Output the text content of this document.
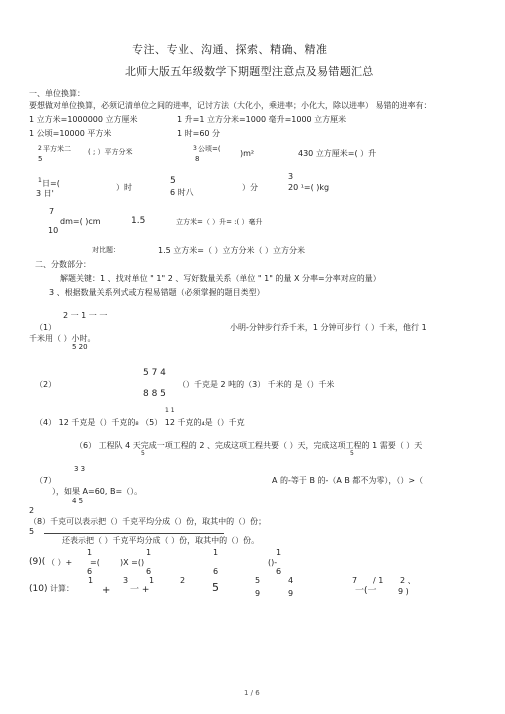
专注、专业、沟通、探索、精确、精准
北师大版五年级数学下期题型注意点及易错题汇总
一、单位换算：
要想做对单位换算，必须记清单位之间的进率，记讨方法（大化小，乘进率；小化大，除以进率） 易错的进率有：
1 立方米=1000000 立方厘米	1 升=1 立方分米=1000 毫升=1000 立方厘米
1 公顷=10000 平方米	1 时=60 分
2 平方米二
5
( ; ）平方分米	3 公顷=(
8
)m²	430 立方厘米=( ）升
1 日=(
3 日'
）时
5
6 时八
）分
3
20 ¹=( )kg
7
dm=( )cm
10
1.5	立方米=（ ）升= :( ）毫升
对比题：	1.5 立方米=（ ）立方分米（ ）立方分米
二、分数部分：
解题关键：1 、找对单位 " 1" 2 、写好数量关系（单位 " 1" 的量 X 分率=分率对应的量）
3 、根据数量关系列式或方程易错题（必须掌握的题目类型）
2 一 1 一 一
（1）	小明-分钟步行乔千米，1 分钟可步行（ ）千米，他行 1
千米用（ ）小时。
5 20
5 7 4
（2）	（）千克是 2 吨的（3） 千米的 是（）千米
8 8 5
1 1
（4） 12 千克是（）千克的₈ （5） 12 千克的₄是（）千克
（6） 工程队 4 天完成一项工程的 2 、完成这项工程共要（ ）天，完成这项工程的 1 需要（ ）天
5	5
3 3
（7）	A 的-等于 B 的-（A B 都不为零），（）>（
），如果 A=60, B=（）。
4 5
2
（8）千克可以表示把（）千克平均分成（）份，取其中的（）份；
5
还表示把（ ）千克平均分成（ ）份，取其中的（）份。
1	1	1	1
(9)( （ ）+ =(	)X =()	()-
6	6	6	6
1	3	1	2	5	4	7 / 1 2 、
(10) 计算：	+ 一 +	5	一(一	9 )
9	9
1 / 6
